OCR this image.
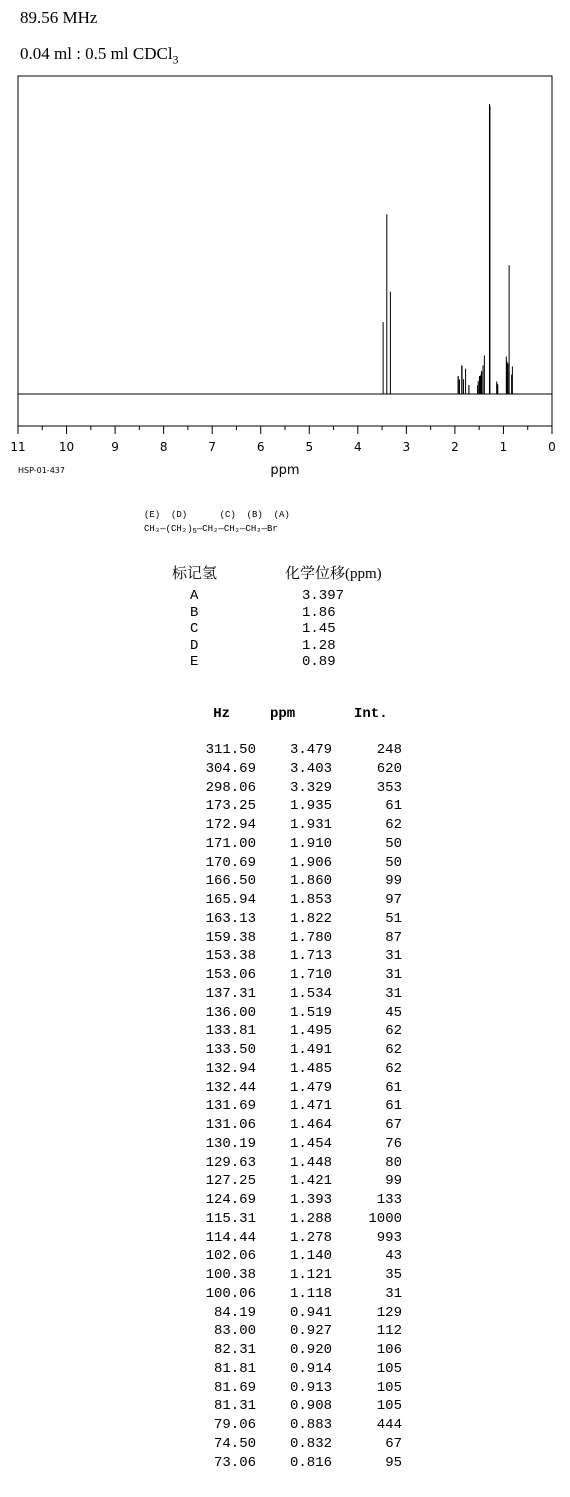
89.56 MHz
0.04 ml : 0.5 ml CDCl$_3$
11	10	9	8	7	6	5	4	3	2	1	0
ppm
HSP-01-437
(E)  (D)      (C)  (B)  (A)
$CH_3—(CH_2)_5—CH_2—CH_2—CH_2—Br$
标记氢	化学位移(ppm)
A	3.397
B	1.86
C	1.45
D	1.28
E	0.89
Hz	ppm	Int.
311.50 3.479	248
304.69 3.403	620
298.06 3.329	353
173.25 1.935	61
172.94 1.931	62
171.00 1.910	50
170.69 1.906	50
166.50 1.860	99
165.94 1.853	97
163.13 1.822	51
159.38 1.780	87
153.38 1.713	31
153.06 1.710	31
137.31 1.534	31
136.00 1.519	45
133.81 1.495	62
133.50 1.491	62
132.94 1.485	62
132.44 1.479	61
131.69 1.471	61
131.06 1.464	67
130.19 1.454	76
129.63 1.448	80
127.25 1.421	99
124.69 1.393	133
115.31 1.288	1000
114.44 1.278	993
102.06 1.140	43
100.38 1.121	35
100.06 1.118	31
84.19 0.941	129
83.00 0.927	112
82.31 0.920	106
81.81 0.914	105
81.69 0.913	105
81.31 0.908	105
79.06 0.883	444
74.50 0.832	67
73.06 0.816	95
